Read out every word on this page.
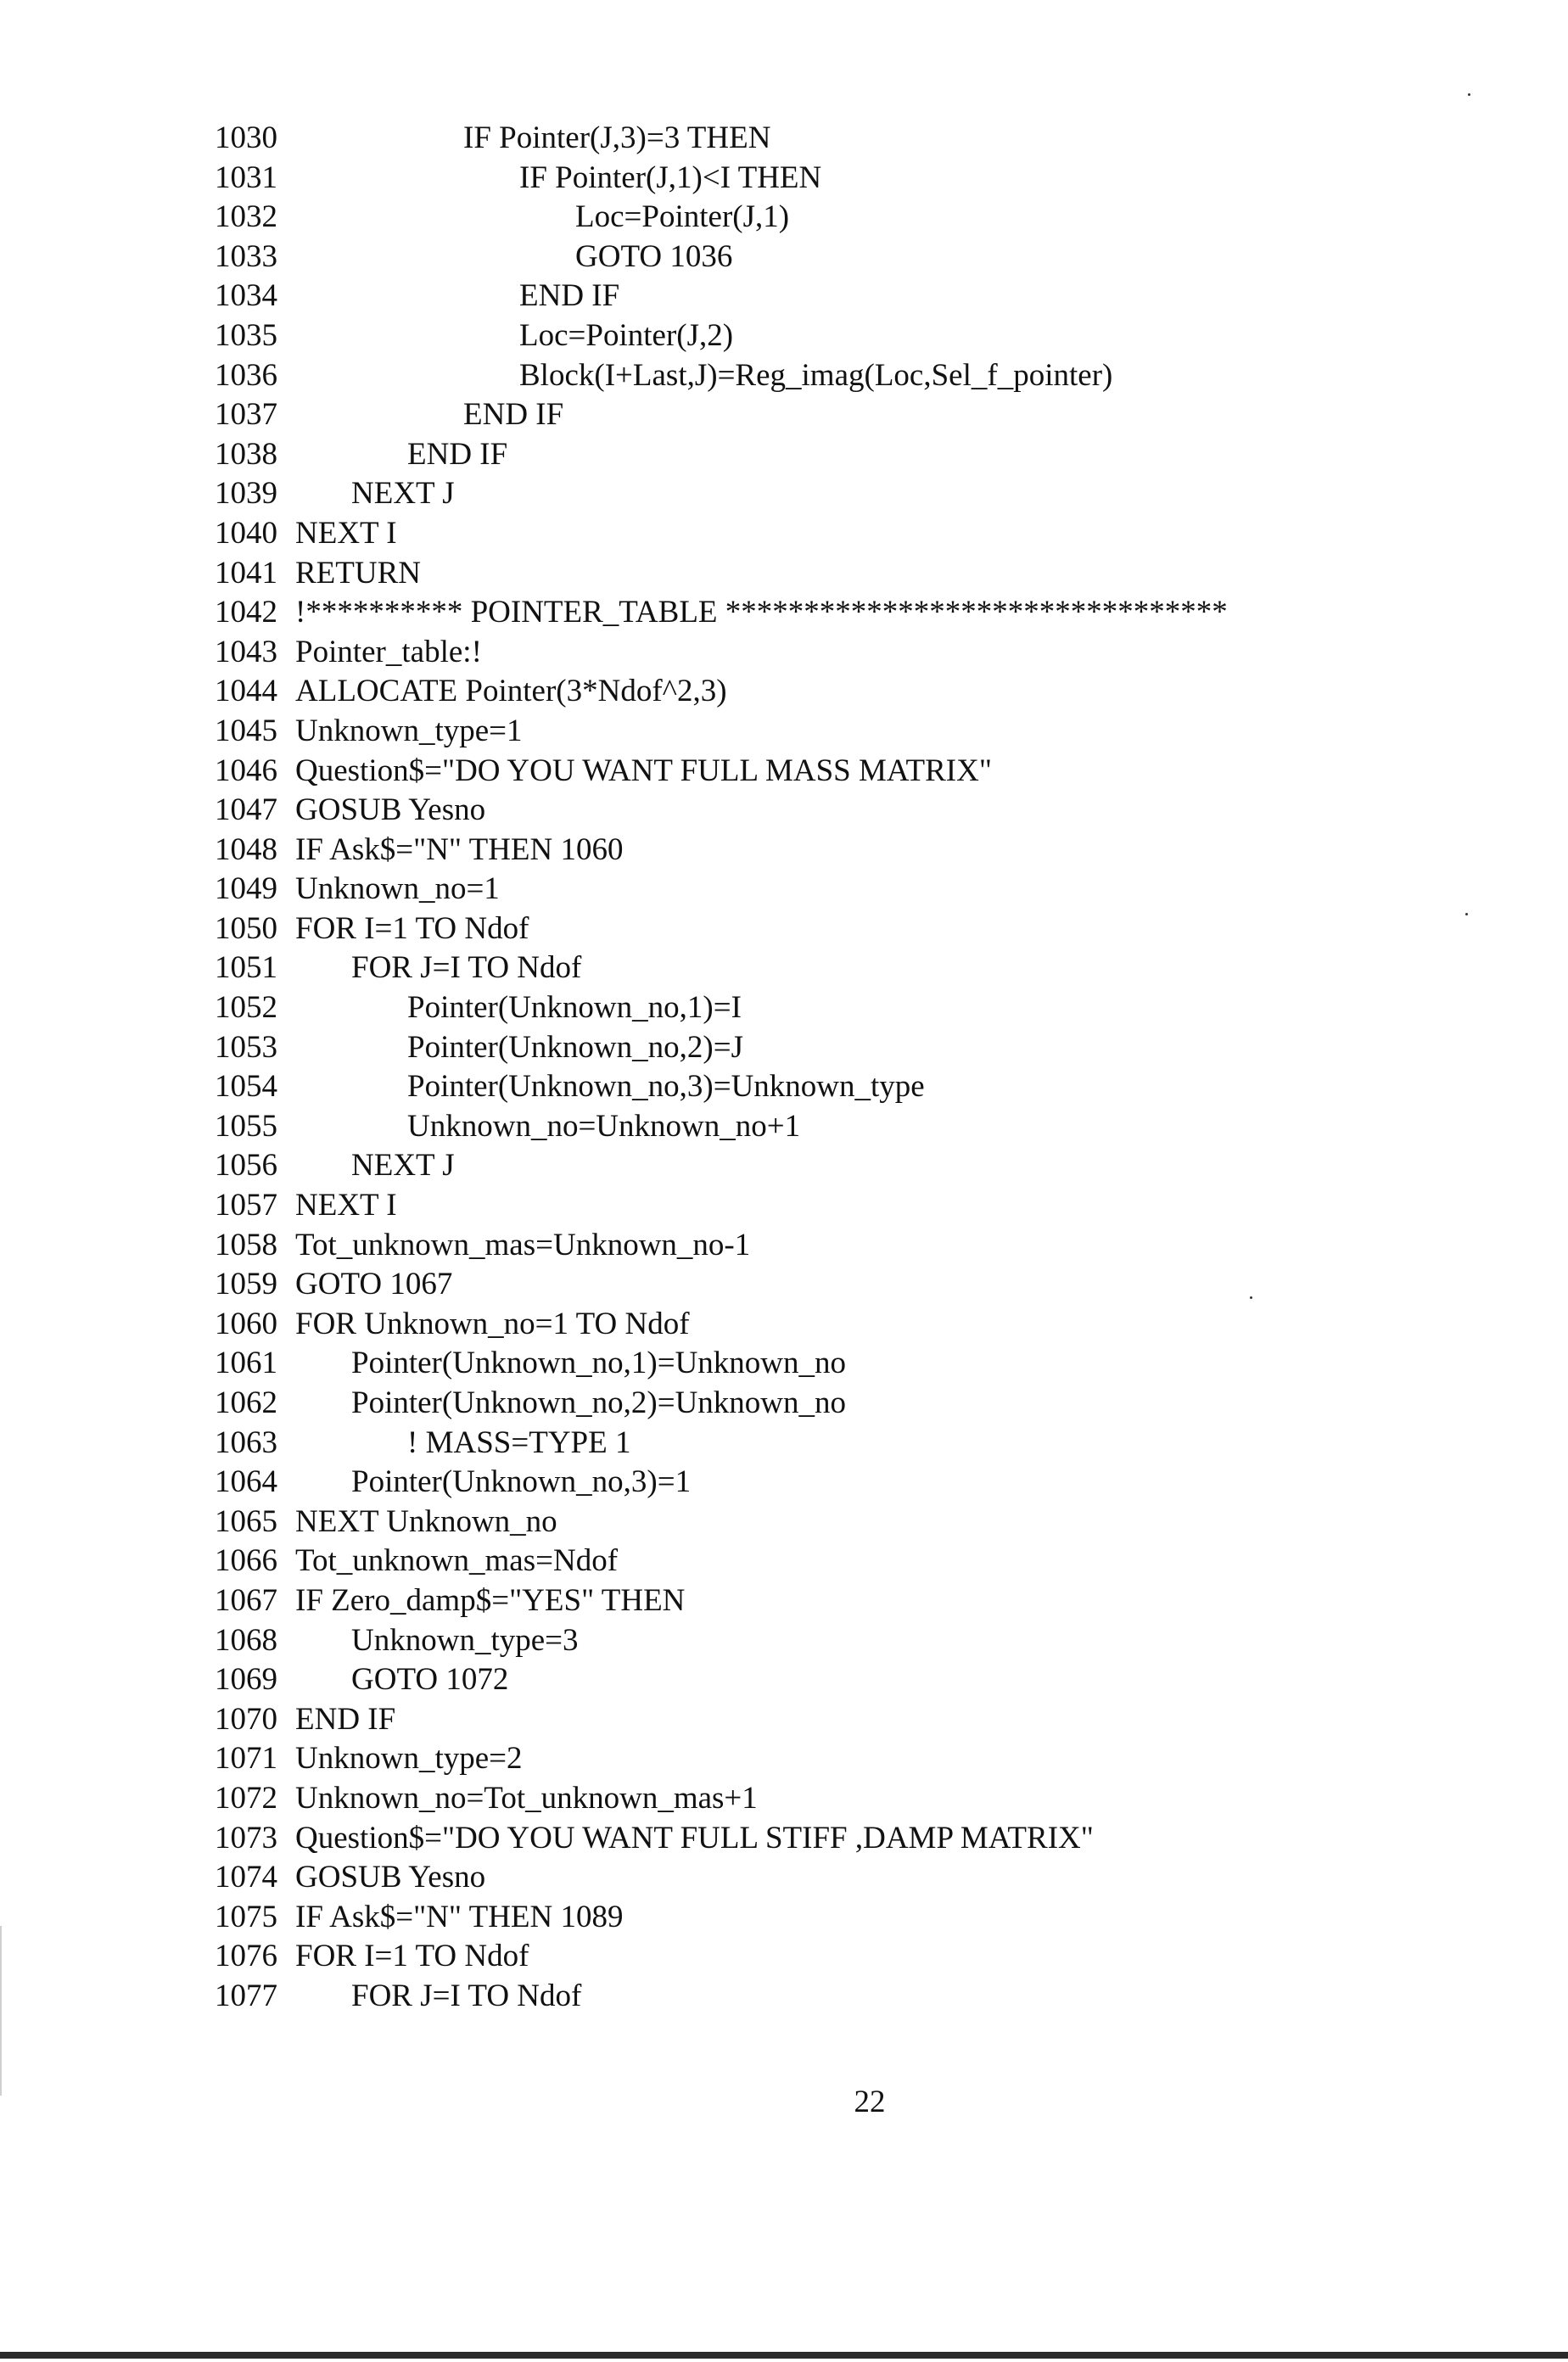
1030	IF Pointer(J,3)=3 THEN
1031	IF Pointer(J,1)<I THEN
1032	Loc=Pointer(J,1)
1033	GOTO 1036
1034	END IF
1035	Loc=Pointer(J,2)
1036	Block(I+Last,J)=Reg_imag(Loc,Sel_f_pointer)
1037	END IF
1038	END IF
1039 NEXT J
1040 NEXT I
1041 RETURN
1042 !********** POINTER_TABLE ********************************
1043 Pointer_table:!
1044 ALLOCATE Pointer(3*Ndof^2,3)
1045 Unknown_type=1
1046 Question$="DO YOU WANT FULL MASS MATRIX"
1047 GOSUB Yesno
1048 IF Ask$="N" THEN 1060
1049 Unknown_no=1
1050 FOR I=1 TO Ndof
1051 FOR J=I TO Ndof
1052	Pointer(Unknown_no,1)=I
1053	Pointer(Unknown_no,2)=J
1054	Pointer(Unknown_no,3)=Unknown_type
1055	Unknown_no=Unknown_no+1
1056 NEXT J
1057 NEXT I
1058 Tot_unknown_mas=Unknown_no-1
1059 GOTO 1067
1060 FOR Unknown_no=1 TO Ndof
1061 Pointer(Unknown_no,1)=Unknown_no
1062 Pointer(Unknown_no,2)=Unknown_no
1063	! MASS=TYPE 1
1064 Pointer(Unknown_no,3)=1
1065 NEXT Unknown_no
1066 Tot_unknown_mas=Ndof
1067 IF Zero_damp$="YES" THEN
1068 Unknown_type=3
1069 GOTO 1072
1070 END IF
1071 Unknown_type=2
1072 Unknown_no=Tot_unknown_mas+1
1073 Question$="DO YOU WANT FULL STIFF ,DAMP MATRIX"
1074 GOSUB Yesno
1075 IF Ask$="N" THEN 1089
1076 FOR I=1 TO Ndof
1077 FOR J=I TO Ndof
22
